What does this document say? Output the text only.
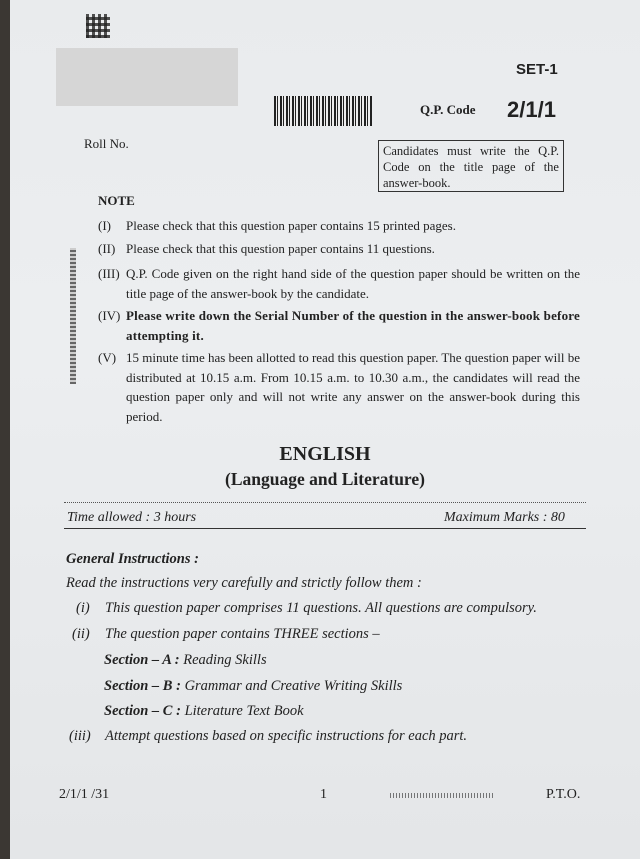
SET-1
Q.P. Code 2/1/1
Roll No.	Candidates must write the Q.P. Code on the title page of the answer-book.
NOTE
(I) Please check that this question paper contains 15 printed pages.
(II) Please check that this question paper contains 11 questions.
(III) Q.P. Code given on the right hand side of the question paper should be written on the title page of the answer-book by the candidate.
(IV) Please write down the Serial Number of the question in the answer-book before attempting it.
(V) 15 minute time has been allotted to read this question paper. The question paper will be distributed at 10.15 a.m. From 10.15 a.m. to 10.30 a.m., the candidates will read the question paper only and will not write any answer on the answer-book during this period.
ENGLISH
(Language and Literature)
Time allowed : 3 hours	Maximum Marks : 80
General Instructions :
Read the instructions very carefully and strictly follow them :
(i) This question paper comprises 11 questions. All questions are compulsory.
(ii) The question paper contains THREE sections –
Section – A : Reading Skills
Section – B : Grammar and Creative Writing Skills
Section – C : Literature Text Book
(iii) Attempt questions based on specific instructions for each part.
2/1/1 /31	1	P.T.O.
